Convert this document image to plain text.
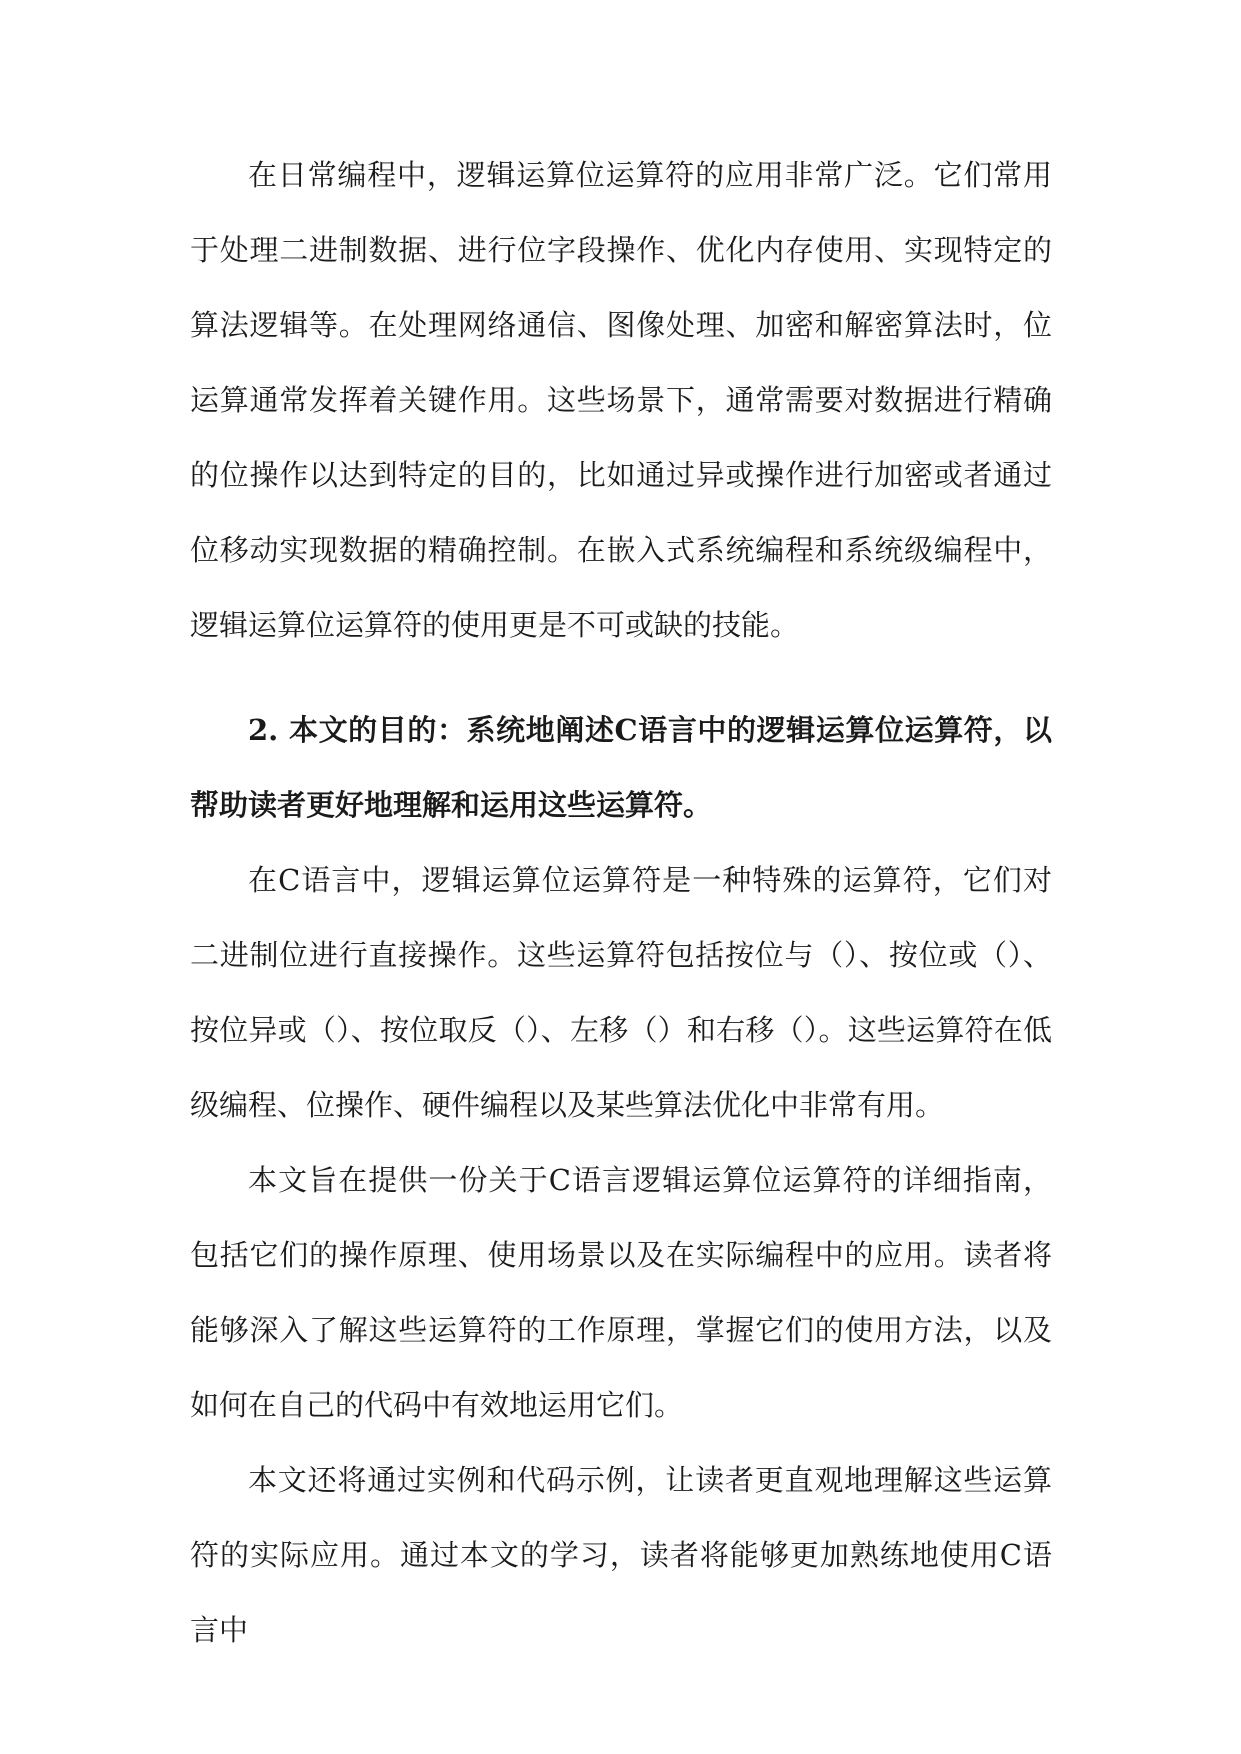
在日常编程中，逻辑运算位运算符的应用非常广泛。它们常用于处理二进制数据、进行位字段操作、优化内存使用、实现特定的算法逻辑等。在处理网络通信、图像处理、加密和解密算法时，位运算通常发挥着关键作用。这些场景下，通常需要对数据进行精确的位操作以达到特定的目的，比如通过异或操作进行加密或者通过位移动实现数据的精确控制。在嵌入式系统编程和系统级编程中，逻辑运算位运算符的使用更是不可或缺的技能。

2. 本文的目的：系统地阐述C语言中的逻辑运算位运算符，以帮助读者更好地理解和运用这些运算符。

在C语言中，逻辑运算位运算符是一种特殊的运算符，它们对二进制位进行直接操作。这些运算符包括按位与（）、按位或（）、按位异或（）、按位取反（）、左移（）和右移（）。这些运算符在低级编程、位操作、硬件编程以及某些算法优化中非常有用。

本文旨在提供一份关于C语言逻辑运算位运算符的详细指南，包括它们的操作原理、使用场景以及在实际编程中的应用。读者将能够深入了解这些运算符的工作原理，掌握它们的使用方法，以及如何在自己的代码中有效地运用它们。

本文还将通过实例和代码示例，让读者更直观地理解这些运算符的实际应用。通过本文的学习，读者将能够更加熟练地使用C语言中
